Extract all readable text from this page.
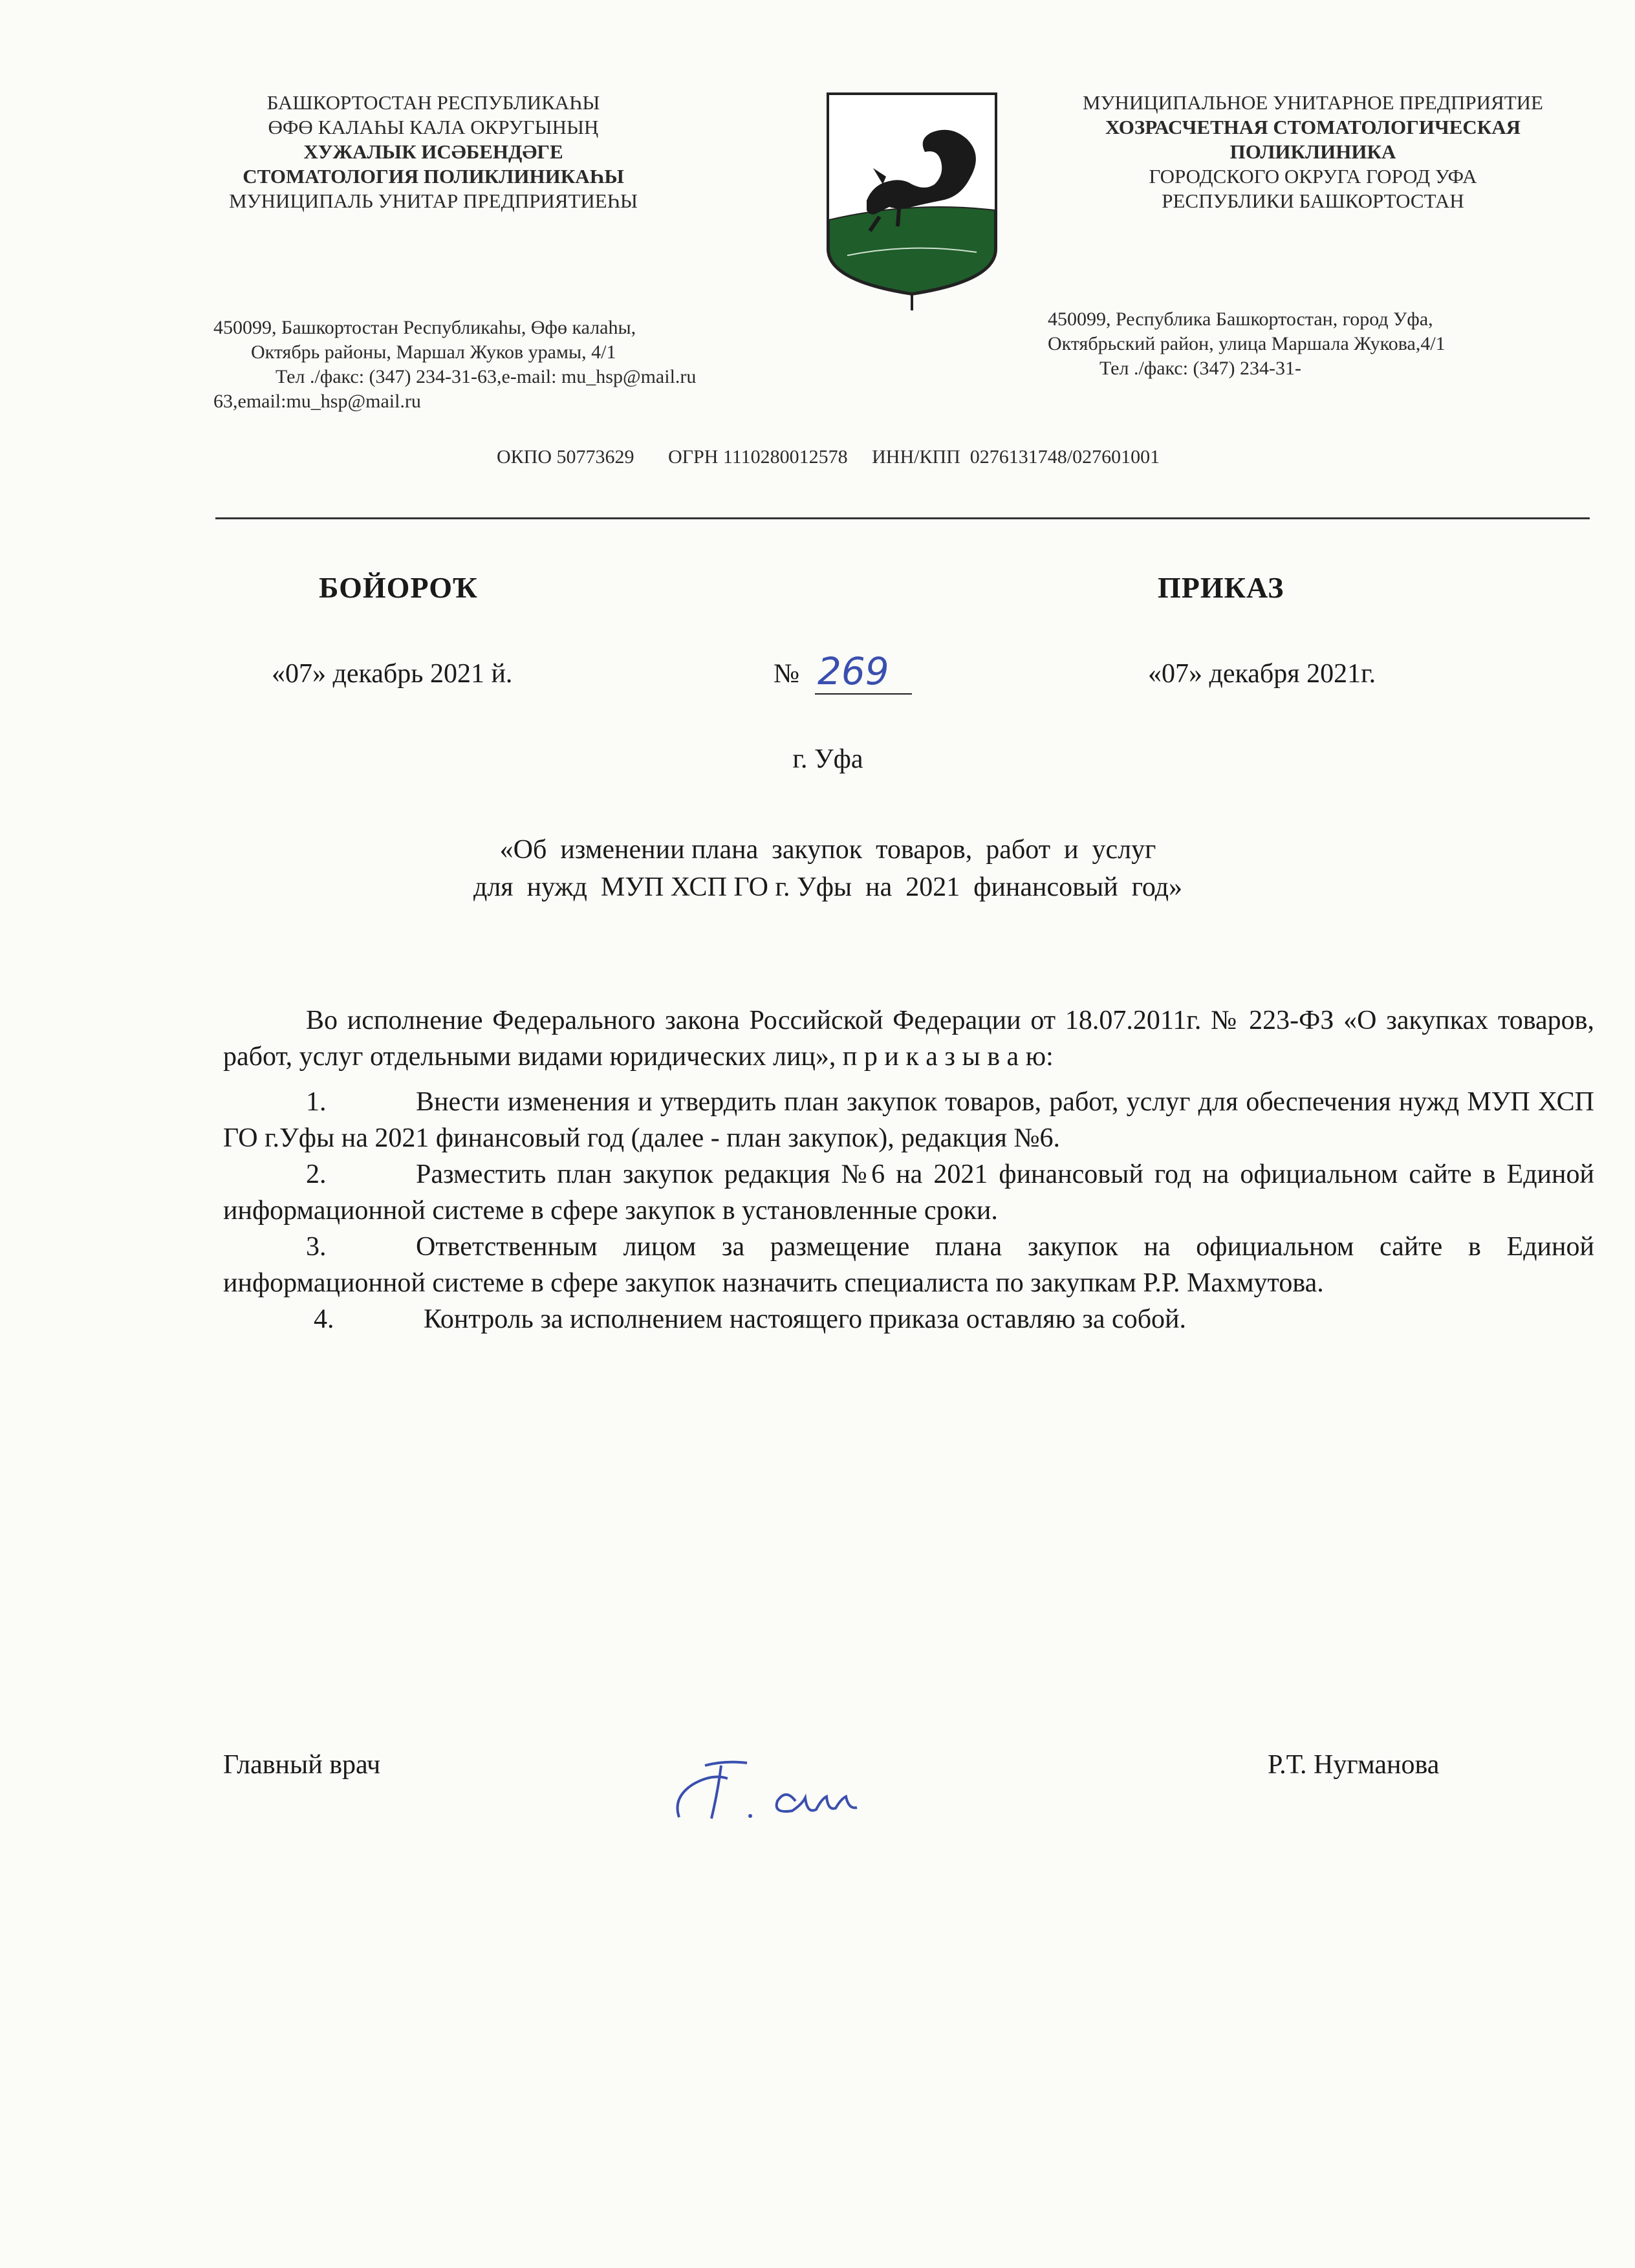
БАШКОРТОСТАН РЕСПУБЛИКАҺЫ
ӨФӨ КАЛАҺЫ КАЛА ОКРУГЫНЫҢ
ХУЖАЛЫК ИСӘБЕНДӘГЕ
СТОМАТОЛОГИЯ ПОЛИКЛИНИКАҺЫ
МУНИЦИПАЛЬ УНИТАР ПРЕДПРИЯТИЕҺЫ
МУНИЦИПАЛЬНОЕ УНИТАРНОЕ ПРЕДПРИЯТИЕ
ХОЗРАСЧЕТНАЯ СТОМАТОЛОГИЧЕСКАЯ
ПОЛИКЛИНИКА
ГОРОДСКОГО ОКРУГА ГОРОД УФА
РЕСПУБЛИКИ БАШКОРТОСТАН
450099, Башкортостан Республикаһы, Өфө калаһы,
Октябрь районы, Маршал Жуков урамы, 4/1
Тел ./факс: (347) 234-31-63,e-mail: mu_hsp@mail.ru
63,email:mu_hsp@mail.ru
450099, Республика Башкортостан, город Уфа,
Октябрьский район, улица Маршала Жукова,4/1
Тел ./факс: (347) 234-31-
ОКПО 50773629       ОГРН 1110280012578     ИНН/КПП  0276131748/027601001
БОЙОРОҠ	ПРИКАЗ
«07» декабрь 2021 й.	№ 269	«07» декабря 2021г.
г. Уфа
«Об  изменении плана  закупок  товаров,  работ  и  услуг
для  нужд  МУП ХСП ГО г. Уфы  на  2021  финансовый  год»

Во исполнение Федерального закона Российской Федерации от 18.07.2011г. № 223-ФЗ «О закупках товаров, работ, услуг отдельными видами юридических лиц», п р и к а з ы в а ю:

1.	Внести изменения и утвердить план закупок товаров, работ, услуг для обеспечения нужд МУП ХСП ГО г.Уфы на 2021 финансовый год (далее - план закупок), редакция №6.

2.	Разместить план закупок редакция №6 на 2021 финансовый год на официальном сайте в Единой информационной системе в сфере закупок в установленные сроки.

3.	Ответственным лицом за размещение плана закупок на официальном сайте в Единой информационной системе в сфере закупок назначить специалиста по закупкам Р.Р. Махмутова.

4.	Контроль за исполнением настоящего приказа оставляю за собой.

Главный врач	Р.Т. Нугманова
